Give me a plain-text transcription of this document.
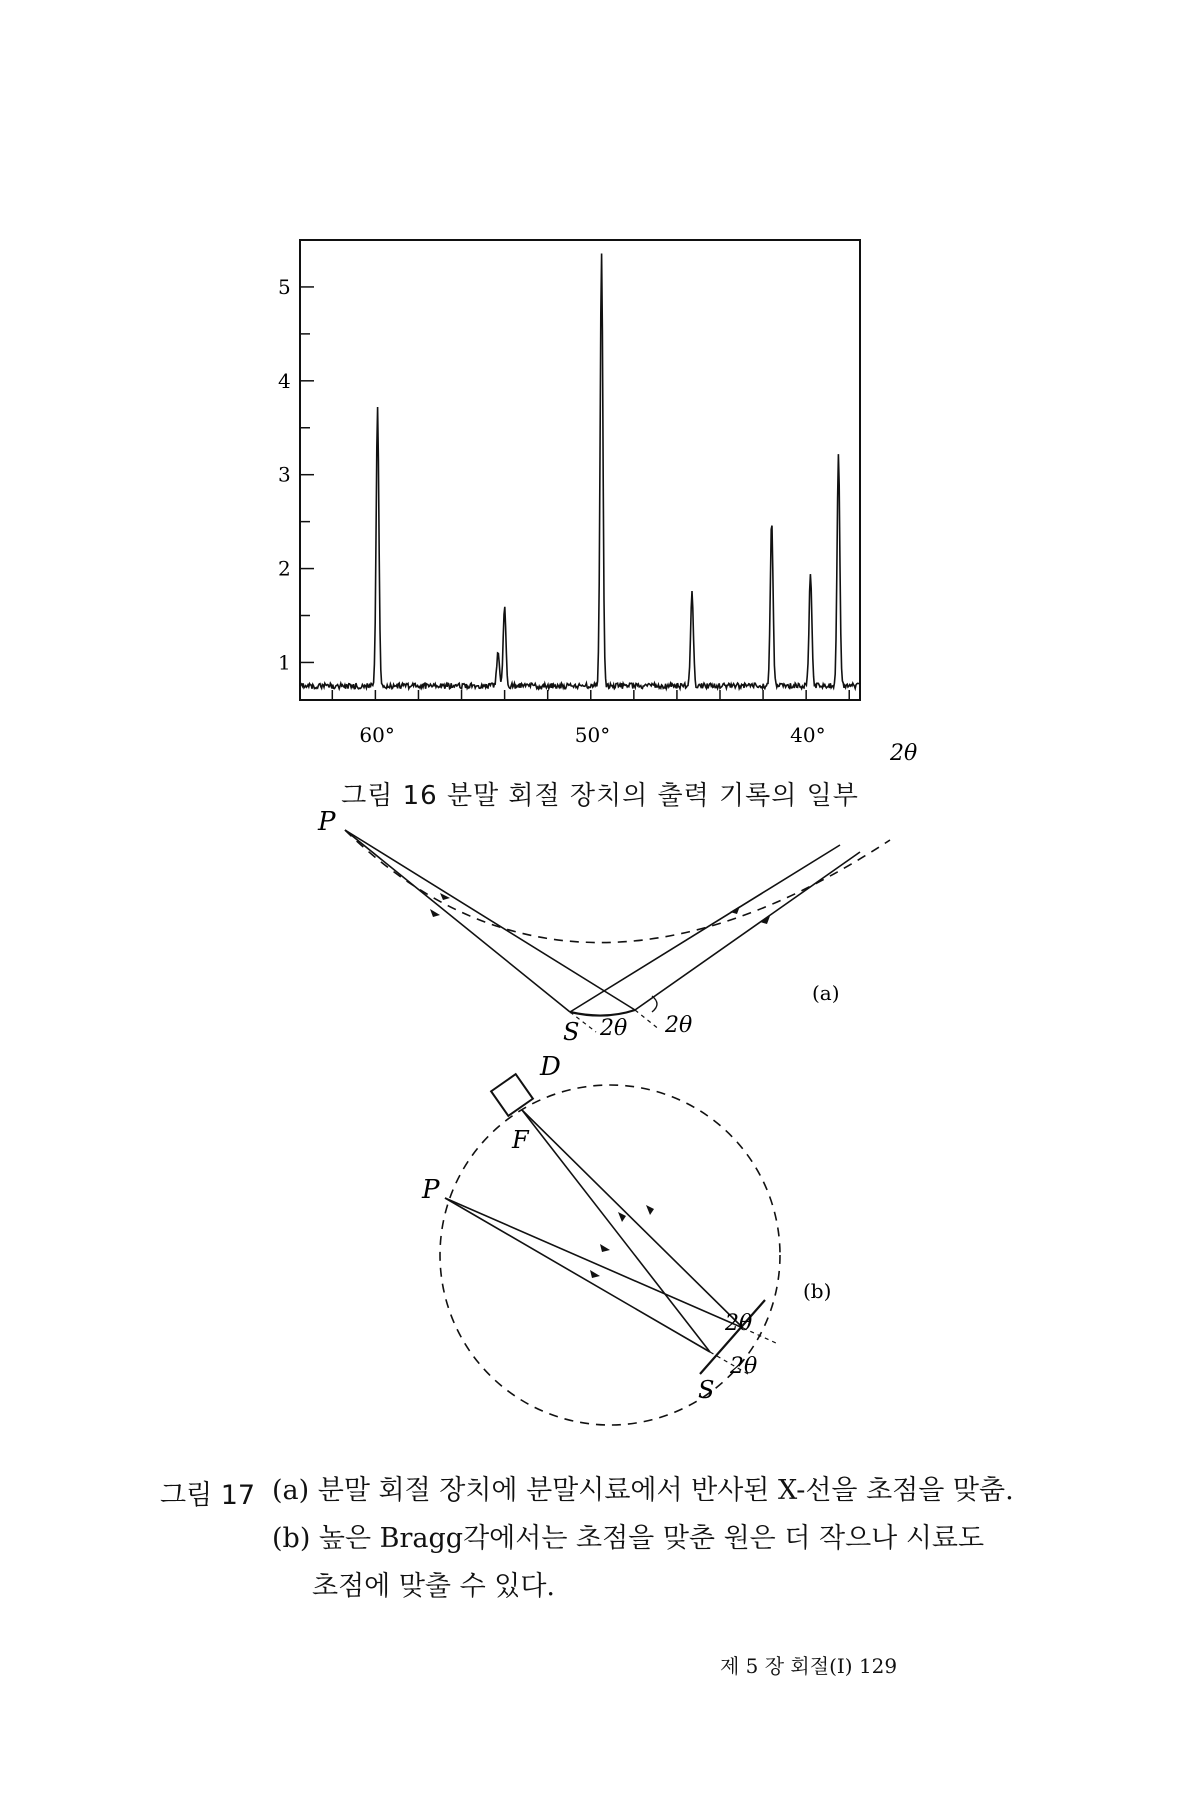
1
2
3
4
5
60°	50°	40°
2θ
그림 16 분말 회절 장치의 출력 기록의 일부
P
S 2θ 2θ
(a)
D
F
P
S
2θ
2θ
(b)
그림 17 (a) 분말 회절 장치에 분말시료에서 반사된 X-선을 초점을 맞춤.
(b) 높은 Bragg각에서는 초점을 맞춘 원은 더 작으나 시료도
초점에 맞출 수 있다.
제 5 장 회절(I) 129
